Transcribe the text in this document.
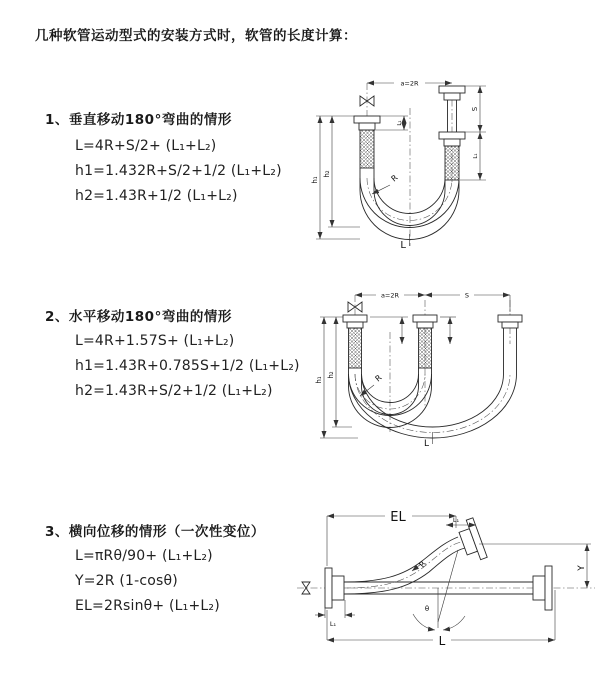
几种软管运动型式的安装方式时，软管的长度计算：
1、垂直移动180°弯曲的情形
L=4R+S/2+ (L₁+L₂)
h1=1.432R+S/2+1/2 (L₁+L₂)
h2=1.43R+1/2 (L₁+L₂)
2、水平移动180°弯曲的情形
L=4R+1.57S+ (L₁+L₂)
h1=1.43R+0.785S+1/2 (L₁+L₂)
h2=1.43R+S/2+1/2 (L₁+L₂)
3、横向位移的情形（一次性变位）
L=πRθ/90+ (L₁+L₂)
Y=2R (1-cosθ)
EL=2Rsinθ+ (L₁+L₂)
a=2R
h₁
h₂
L₁
S
L₁
R
L
a=2R	S
h₁
h₂	R
L
EL	L₁
Y
R
θ
L
L₁
